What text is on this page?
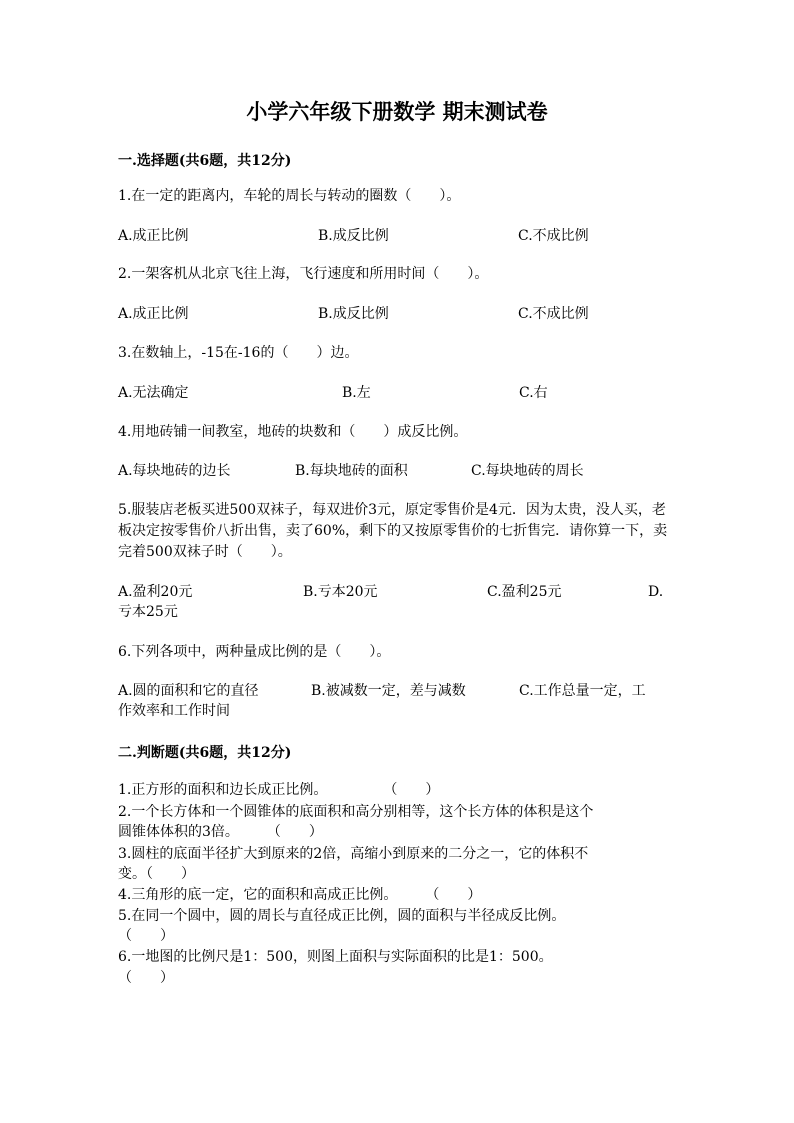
小学六年级下册数学 期末测试卷
一.选择题(共6题，共12分)
1.在一定的距离内，车轮的周长与转动的圈数（　　）。
A.成正比例	B.成反比例	C.不成比例
2.一架客机从北京飞往上海，飞行速度和所用时间（　　）。
A.成正比例	B.成反比例	C.不成比例
3.在数轴上，-15在-16的（　　）边。
A.无法确定	B.左	C.右
4.用地砖铺一间教室，地砖的块数和（　　）成反比例。
A.每块地砖的边长	B.每块地砖的面积	C.每块地砖的周长
5.服装店老板买进500双袜子，每双进价3元，原定零售价是4元．因为太贵，没人买，老板决定按零售价八折出售，卖了60%，剩下的又按原零售价的七折售完．请你算一下，卖完着500双袜子时（　　）。
A.盈利20元	B.亏本20元	C.盈利25元	D.
亏本25元
6.下列各项中，两种量成比例的是（　　）。
A.圆的面积和它的直径	B.被减数一定，差与减数	C.工作总量一定，工
作效率和工作时间
二.判断题(共6题，共12分)
1.正方形的面积和边长成正比例。　　　　　（　　）
2.一个长方体和一个圆锥体的底面积和高分别相等，这个长方体的体积是这个
圆锥体体积的3倍。　　　（　　）
3.圆柱的底面半径扩大到原来的2倍，高缩小到原来的二分之一，它的体积不
变。（　　）
4.三角形的底一定，它的面积和高成正比例。　　　（　　）
5.在同一个圆中，圆的周长与直径成正比例，圆的面积与半径成反比例。
（　　）
6.一地图的比例尺是1：500，则图上面积与实际面积的比是1：500。
（　　）
